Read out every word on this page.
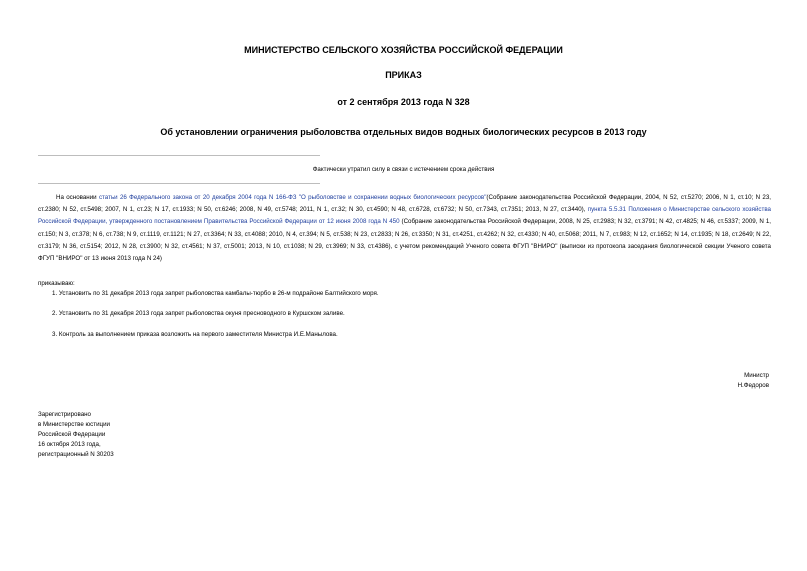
МИНИСТЕРСТВО СЕЛЬСКОГО ХОЗЯЙСТВА РОССИЙСКОЙ ФЕДЕРАЦИИ
ПРИКАЗ
от 2 сентября 2013 года N 328
Об установлении ограничения рыболовства отдельных видов водных биологических ресурсов в 2013 году
Фактически утратил силу в связи с истечением срока действия
На основании статьи 26 Федерального закона от 20 декабря 2004 года N 166-ФЗ "О рыболовстве и сохранении водных биологических ресурсов"(Собрание законодательства Российской Федерации, 2004, N 52, ст.5270; 2006, N 1, ст.10; N 23, ст.2380; N 52, ст.5498; 2007, N 1, ст.23; N 17, ст.1933; N 50, ст.6246; 2008, N 49, ст.5748; 2011, N 1, ст.32; N 30, ст.4590; N 48, ст.6728, ст.6732; N 50, ст.7343, ст.7351; 2013, N 27, ст.3440), пункта 5.5.31 Положения о Министерстве сельского хозяйства Российской Федерации, утвержденного постановлением Правительства Российской Федерации от 12 июня 2008 года N 450 (Собрание законодательства Российской Федерации, 2008, N 25, ст.2983; N 32, ст.3791; N 42, ст.4825; N 46, ст.5337; 2009, N 1, ст.150; N 3, ст.378; N 6, ст.738; N 9, ст.1119, ст.1121; N 27, ст.3364; N 33, ст.4088; 2010, N 4, ст.394; N 5, ст.538; N 23, ст.2833; N 26, ст.3350; N 31, ст.4251, ст.4262; N 32, ст.4330; N 40, ст.5068; 2011, N 7, ст.983; N 12, ст.1652; N 14, ст.1935; N 18, ст.2649; N 22, ст.3179; N 36, ст.5154; 2012, N 28, ст.3900; N 32, ст.4561; N 37, ст.5001; 2013, N 10, ст.1038; N 29, ст.3969; N 33, ст.4386), с учетом рекомендаций Ученого совета ФГУП "ВНИРО" (выписки из протокола заседания биологической секции Ученого совета ФГУП "ВНИРО" от 13 июня 2013 года N 24)
приказываю:
1. Установить по 31 декабря 2013 года запрет рыболовства камбалы-тюрбо в 26-м подрайоне Балтийского моря.
2. Установить по 31 декабря 2013 года запрет рыболовства окуня пресноводного в Куршском заливе.
3. Контроль за выполнением приказа возложить на первого заместителя Министра И.Е.Манылова.
Министр
Н.Федоров
Зарегистрировано
в Министерстве юстиции
Российской Федерации
16 октября 2013 года,
регистрационный N 30203
